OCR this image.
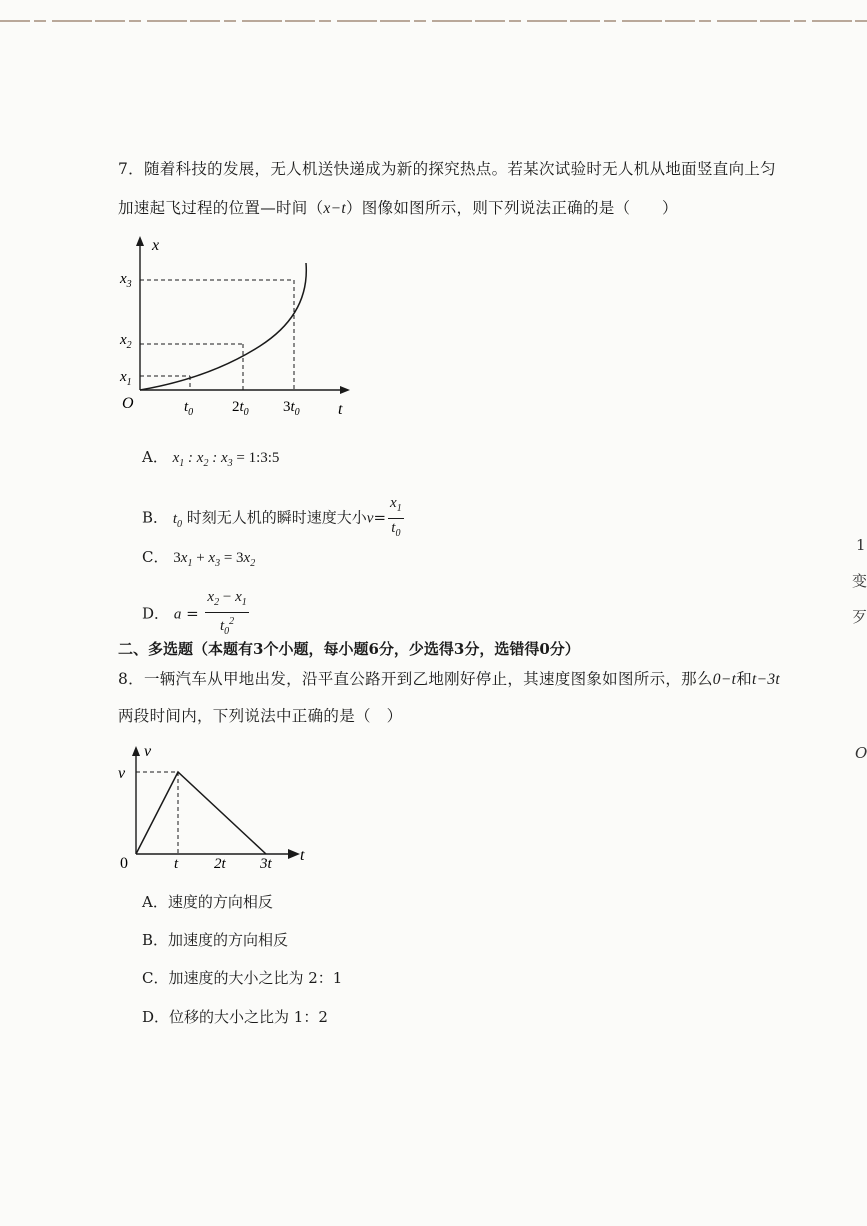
7．随着科技的发展，无人机送快递成为新的探究热点。若某次试验时无人机从地面竖直向上匀
加速起飞过程的位置—时间（x−t）图像如图所示，则下列说法正确的是（　　）
x
t
O
$x_1$
$x_2$
$x_3$
$t_0$	$2t_0$ $3t_0$
A． $x_1$ : $x_2$ : $x_3$ = 1:3:5
B． $t_0$ 时刻无人机的瞬时速度大小$v= \frac{x_1}{t_0}$
C． $3x_1 + x_3 = 3x_2$
D． $a = \frac{x_2 - x_1}{t_0^2}$
二、多选题（本题有3个小题，每小题6分，少选得3分，选错得0分）
8．一辆汽车从甲地出发，沿平直公路开到乙地刚好停止，其速度图象如图所示，那么0−t和t−3t
两段时间内，下列说法中正确的是（　）
v
v
0	t 2t 3t t
A．速度的方向相反
B．加速度的方向相反
C．加速度的大小之比为 2：1
D．位移的大小之比为 1：2
1
变
歹
O
